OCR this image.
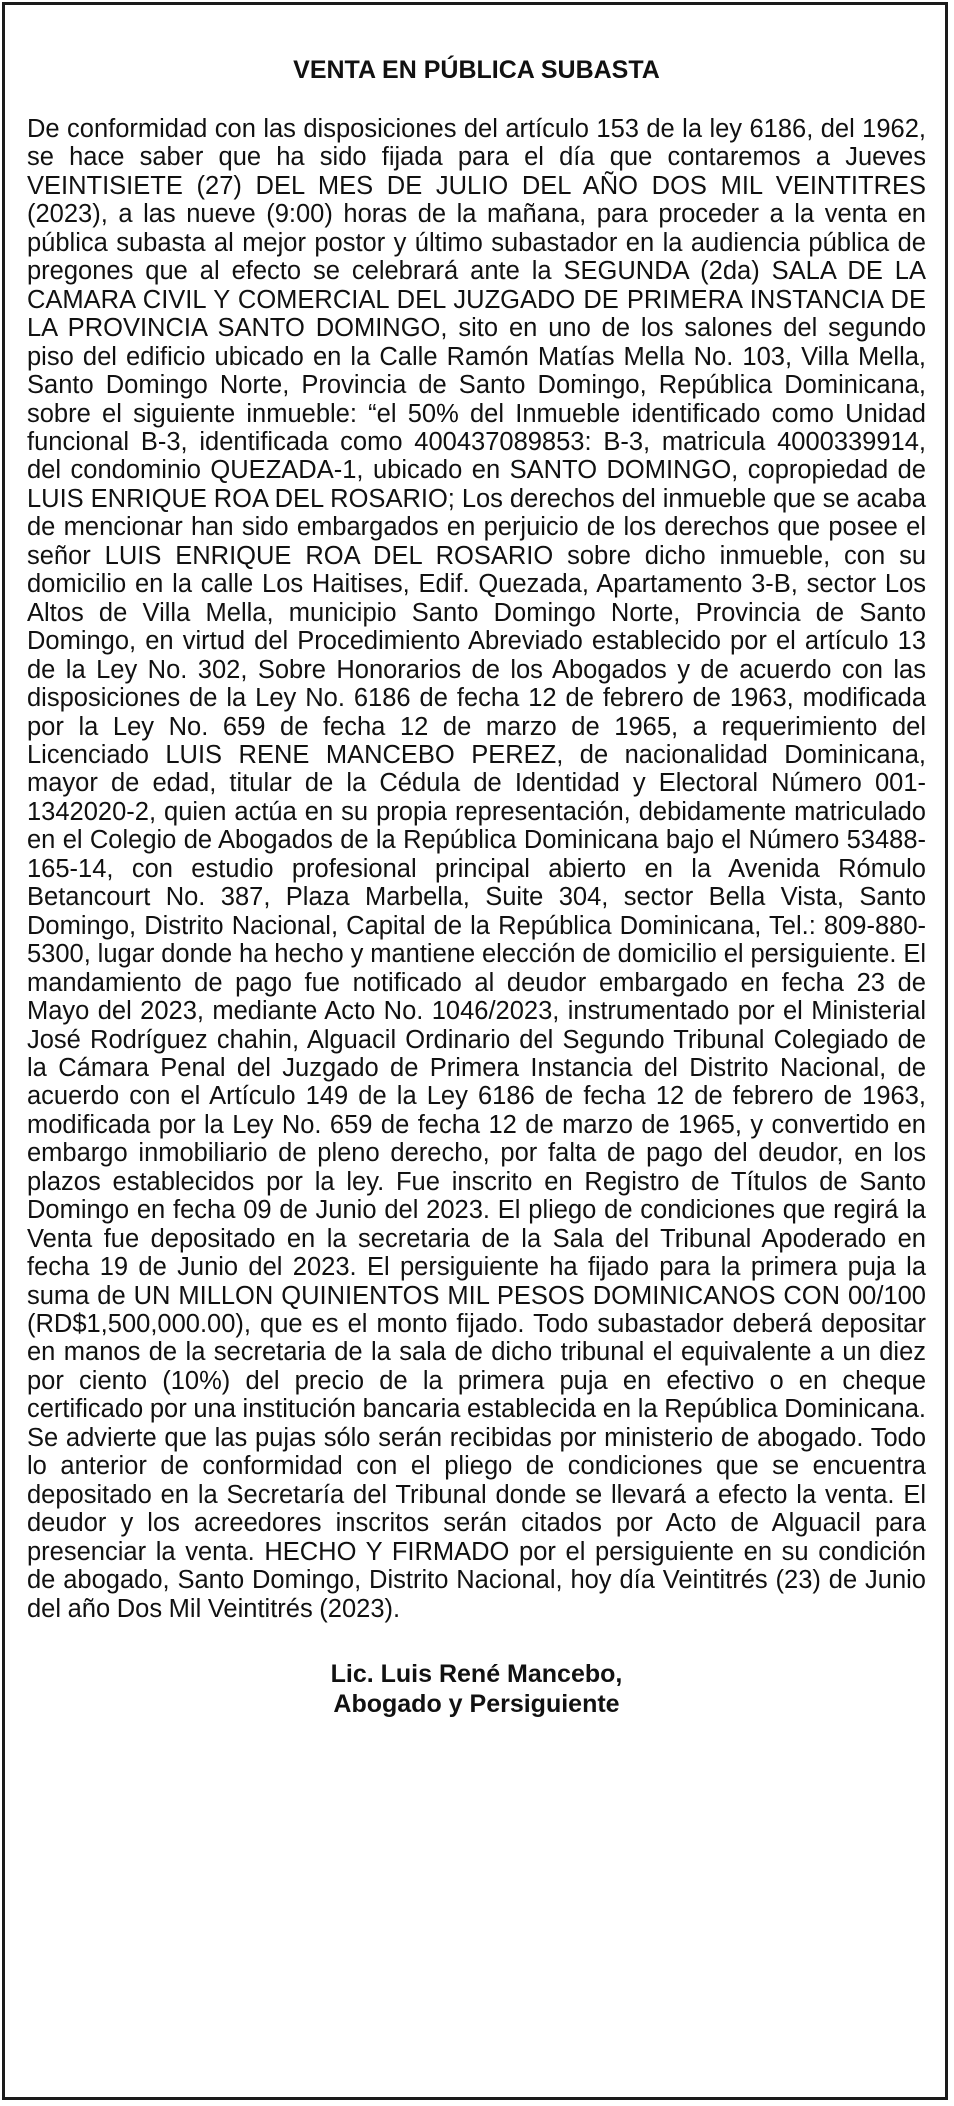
VENTA EN PÚBLICA SUBASTA

De conformidad con las disposiciones del artículo 153 de la ley 6186, del 1962, se hace saber que ha sido fijada para el día que contaremos a Jueves VEINTISIETE (27) DEL MES DE JULIO DEL AÑO DOS MIL VEINTITRES (2023), a las nueve (9:00) horas de la mañana, para proceder a la venta en pública subasta al mejor postor y último subastador en la audiencia pública de pregones que al efecto se celebrará ante la SEGUNDA (2da) SALA DE LA CAMARA CIVIL Y COMERCIAL DEL JUZGADO DE PRIMERA INSTANCIA DE LA PROVINCIA SANTO DOMINGO, sito en uno de los salones del segundo piso del edificio ubicado en la Calle Ramón Matías Mella No. 103, Villa Mella, Santo Domingo Norte, Provincia de Santo Domingo, República Dominicana, sobre el siguiente inmueble: “el 50% del Inmueble identificado como Unidad funcional B-3, identificada como 400437089853: B-3, matricula 4000339914, del condominio QUEZADA-1, ubicado en SANTO DOMINGO, copropiedad de LUIS ENRIQUE ROA DEL ROSARIO; Los derechos del inmueble que se acaba de mencionar han sido embargados en perjuicio de los derechos que posee el señor LUIS ENRIQUE ROA DEL ROSARIO sobre dicho inmueble, con su domicilio en la calle Los Haitises, Edif. Quezada, Apartamento 3-B, sector Los Altos de Villa Mella, municipio Santo Domingo Norte, Provincia de Santo Domingo, en virtud del Procedimiento Abreviado establecido por el artículo 13 de la Ley No. 302, Sobre Honorarios de los Abogados y de acuerdo con las disposiciones de la Ley No. 6186 de fecha 12 de febrero de 1963, modificada por la Ley No. 659 de fecha 12 de marzo de 1965, a requerimiento del Licenciado LUIS RENE MANCEBO PEREZ, de nacionalidad Dominicana, mayor de edad, titular de la Cédula de Identidad y Electoral Número 001-1342020-2, quien actúa en su propia representación, debidamente matriculado en el Colegio de Abogados de la República Dominicana bajo el Número 53488-165-14, con estudio profesional principal abierto en la Avenida Rómulo Betancourt No. 387, Plaza Marbella, Suite 304, sector Bella Vista, Santo Domingo, Distrito Nacional, Capital de la República Dominicana, Tel.: 809-880-5300, lugar donde ha hecho y mantiene elección de domicilio el persiguiente. El mandamiento de pago fue notificado al deudor embargado en fecha 23 de Mayo del 2023, mediante Acto No. 1046/2023, instrumentado por el Ministerial José Rodríguez chahin, Alguacil Ordinario del Segundo Tribunal Colegiado de la Cámara Penal del Juzgado de Primera Instancia del Distrito Nacional, de acuerdo con el Artículo 149 de la Ley 6186 de fecha 12 de febrero de 1963, modificada por la Ley No. 659 de fecha 12 de marzo de 1965, y convertido en embargo inmobiliario de pleno derecho, por falta de pago del deudor, en los plazos establecidos por la ley. Fue inscrito en Registro de Títulos de Santo Domingo en fecha 09 de Junio del 2023. El pliego de condiciones que regirá la Venta fue depositado en la secretaria de la Sala del Tribunal Apoderado en fecha 19 de Junio del 2023. El persiguiente ha fijado para la primera puja la suma de UN MILLON QUINIENTOS MIL PESOS DOMINICANOS CON 00/100 (RD$1,500,000.00), que es el monto fijado. Todo subastador deberá depositar en manos de la secretaria de la sala de dicho tribunal el equivalente a un diez por ciento (10%) del precio de la primera puja en efectivo o en cheque certificado por una institución bancaria establecida en la República Dominicana. Se advierte que las pujas sólo serán recibidas por ministerio de abogado. Todo lo anterior de conformidad con el pliego de condiciones que se encuentra depositado en la Secretaría del Tribunal donde se llevará a efecto la venta. El deudor y los acreedores inscritos serán citados por Acto de Alguacil para presenciar la venta. HECHO Y FIRMADO por el persiguiente en su condición de abogado, Santo Domingo, Distrito Nacional, hoy día Veintitrés (23) de Junio del año Dos Mil Veintitrés (2023).

Lic. Luis René Mancebo,
Abogado y Persiguiente
